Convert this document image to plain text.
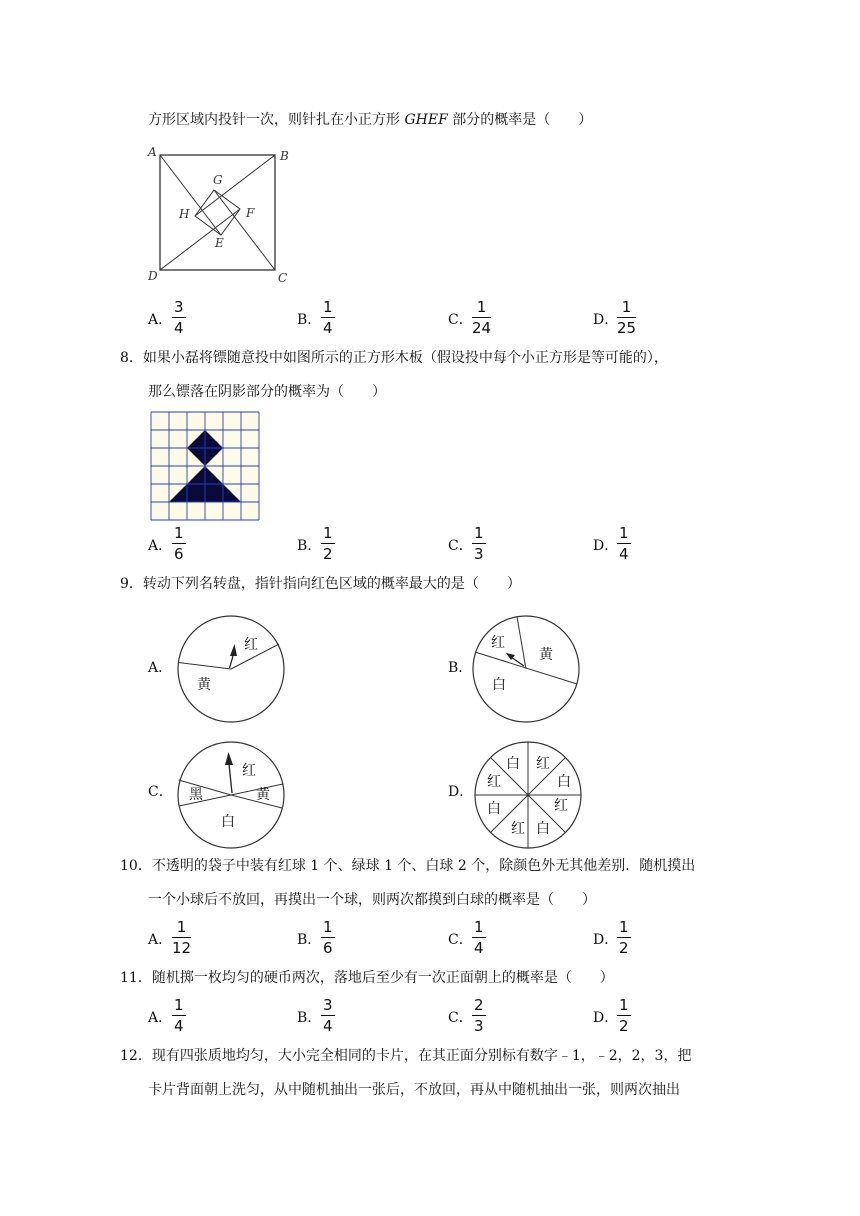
方形区域内投针一次，则针扎在小正方形 GHEF 部分的概率是（　　）
A	B
C
D
G
H
E
F
A．
3
4	B．
1
4	C．
1
24	D．
1
25
8．如果小磊将镖随意投中如图所示的正方形木板（假设投中每个小正方形是等可能的），
那么镖落在阴影部分的概率为（　　）
A．
1
6	B．
1
2	C．
1
3	D．
1
4
9．转动下列名转盘，指针指向红色区域的概率最大的是（　　）
A．
红
黄
B．
红
黄
白
C．
红
黄
白
黑	D．
白 红
白
红
白
红
白
红
10．不透明的袋子中装有红球 1 个、绿球 1 个、白球 2 个，除颜色外无其他差别．随机摸出
一个小球后不放回，再摸出一个球，则两次都摸到白球的概率是（　　）
A．
1
12	B．
1
6	C．
1
4	D．
1
2
11．随机掷一枚均匀的硬币两次，落地后至少有一次正面朝上的概率是（　　）
A．
1
4	B．
3
4	C．
2
3	D．
1
2
12．现有四张质地均匀，大小完全相同的卡片，在其正面分别标有数字﹣1，﹣2，2，3，把
卡片背面朝上洗匀，从中随机抽出一张后，不放回，再从中随机抽出一张，则两次抽出
